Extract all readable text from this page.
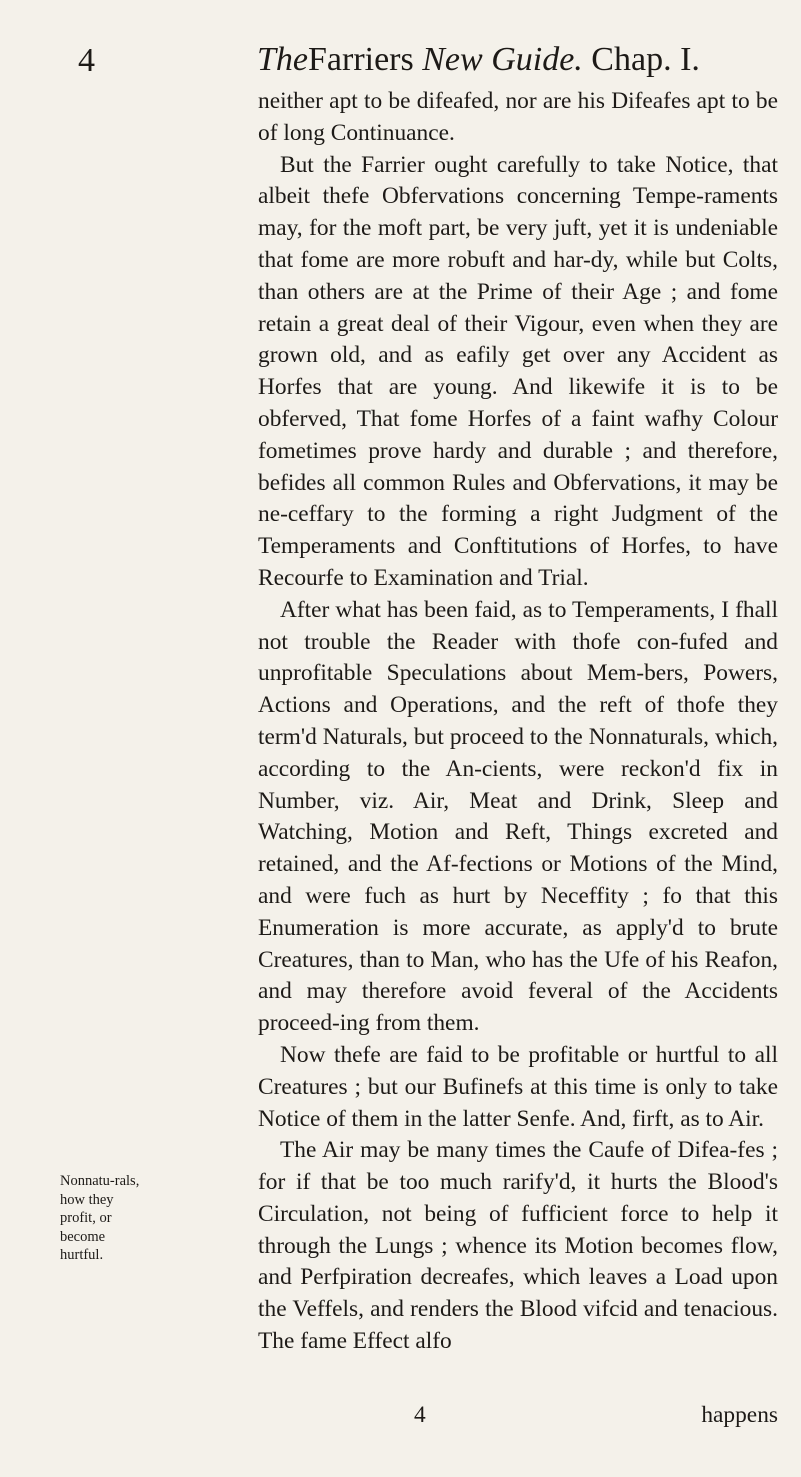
4	TheFarriers New Guide. Chap. I.

neither apt to be difeafed, nor are his Difeafes apt to be of long Continuance.

But the Farrier ought carefully to take Notice, that albeit thefe Obfervations concerning Tempe-raments may, for the moft part, be very juft, yet it is undeniable that fome are more robuft and har-dy, while but Colts, than others are at the Prime of their Age ; and fome retain a great deal of their Vigour, even when they are grown old, and as eafily get over any Accident as Horfes that are young. And likewife it is to be obferved, That fome Horfes of a faint wafhy Colour fometimes prove hardy and durable ; and therefore, befides all common Rules and Obfervations, it may be ne-ceffary to the forming a right Judgment of the Temperaments and Conftitutions of Horfes, to have Recourfe to Examination and Trial.

After what has been faid, as to Temperaments, I fhall not trouble the Reader with thofe con-fufed and unprofitable Speculations about Mem-bers, Powers, Actions and Operations, and the reft of thofe they term'd Naturals, but proceed to the Nonnaturals, which, according to the An-cients, were reckon'd fix in Number, viz. Air, Meat and Drink, Sleep and Watching, Motion and Reft, Things excreted and retained, and the Af-fections or Motions of the Mind, and were fuch as hurt by Neceffity ; fo that this Enumeration is more accurate, as apply'd to brute Creatures, than to Man, who has the Ufe of his Reafon, and may therefore avoid feveral of the Accidents proceed-ing from them.

Now thefe are faid to be profitable or hurtful to all Creatures ; but our Bufinefs at this time is only to take Notice of them in the latter Senfe. And, firft, as to Air.

The Air may be many times the Caufe of Difea-fes ; for if that be too much rarify'd, it hurts the Blood's Circulation, not being of fufficient force to help it through the Lungs ; whence its Motion becomes flow, and Perfpiration decreafes, which leaves a Load upon the Veffels, and renders the Blood vifcid and tenacious. The fame Effect alfo

Nonnatu-rals, how they profit, or become hurtful.
4	happens
